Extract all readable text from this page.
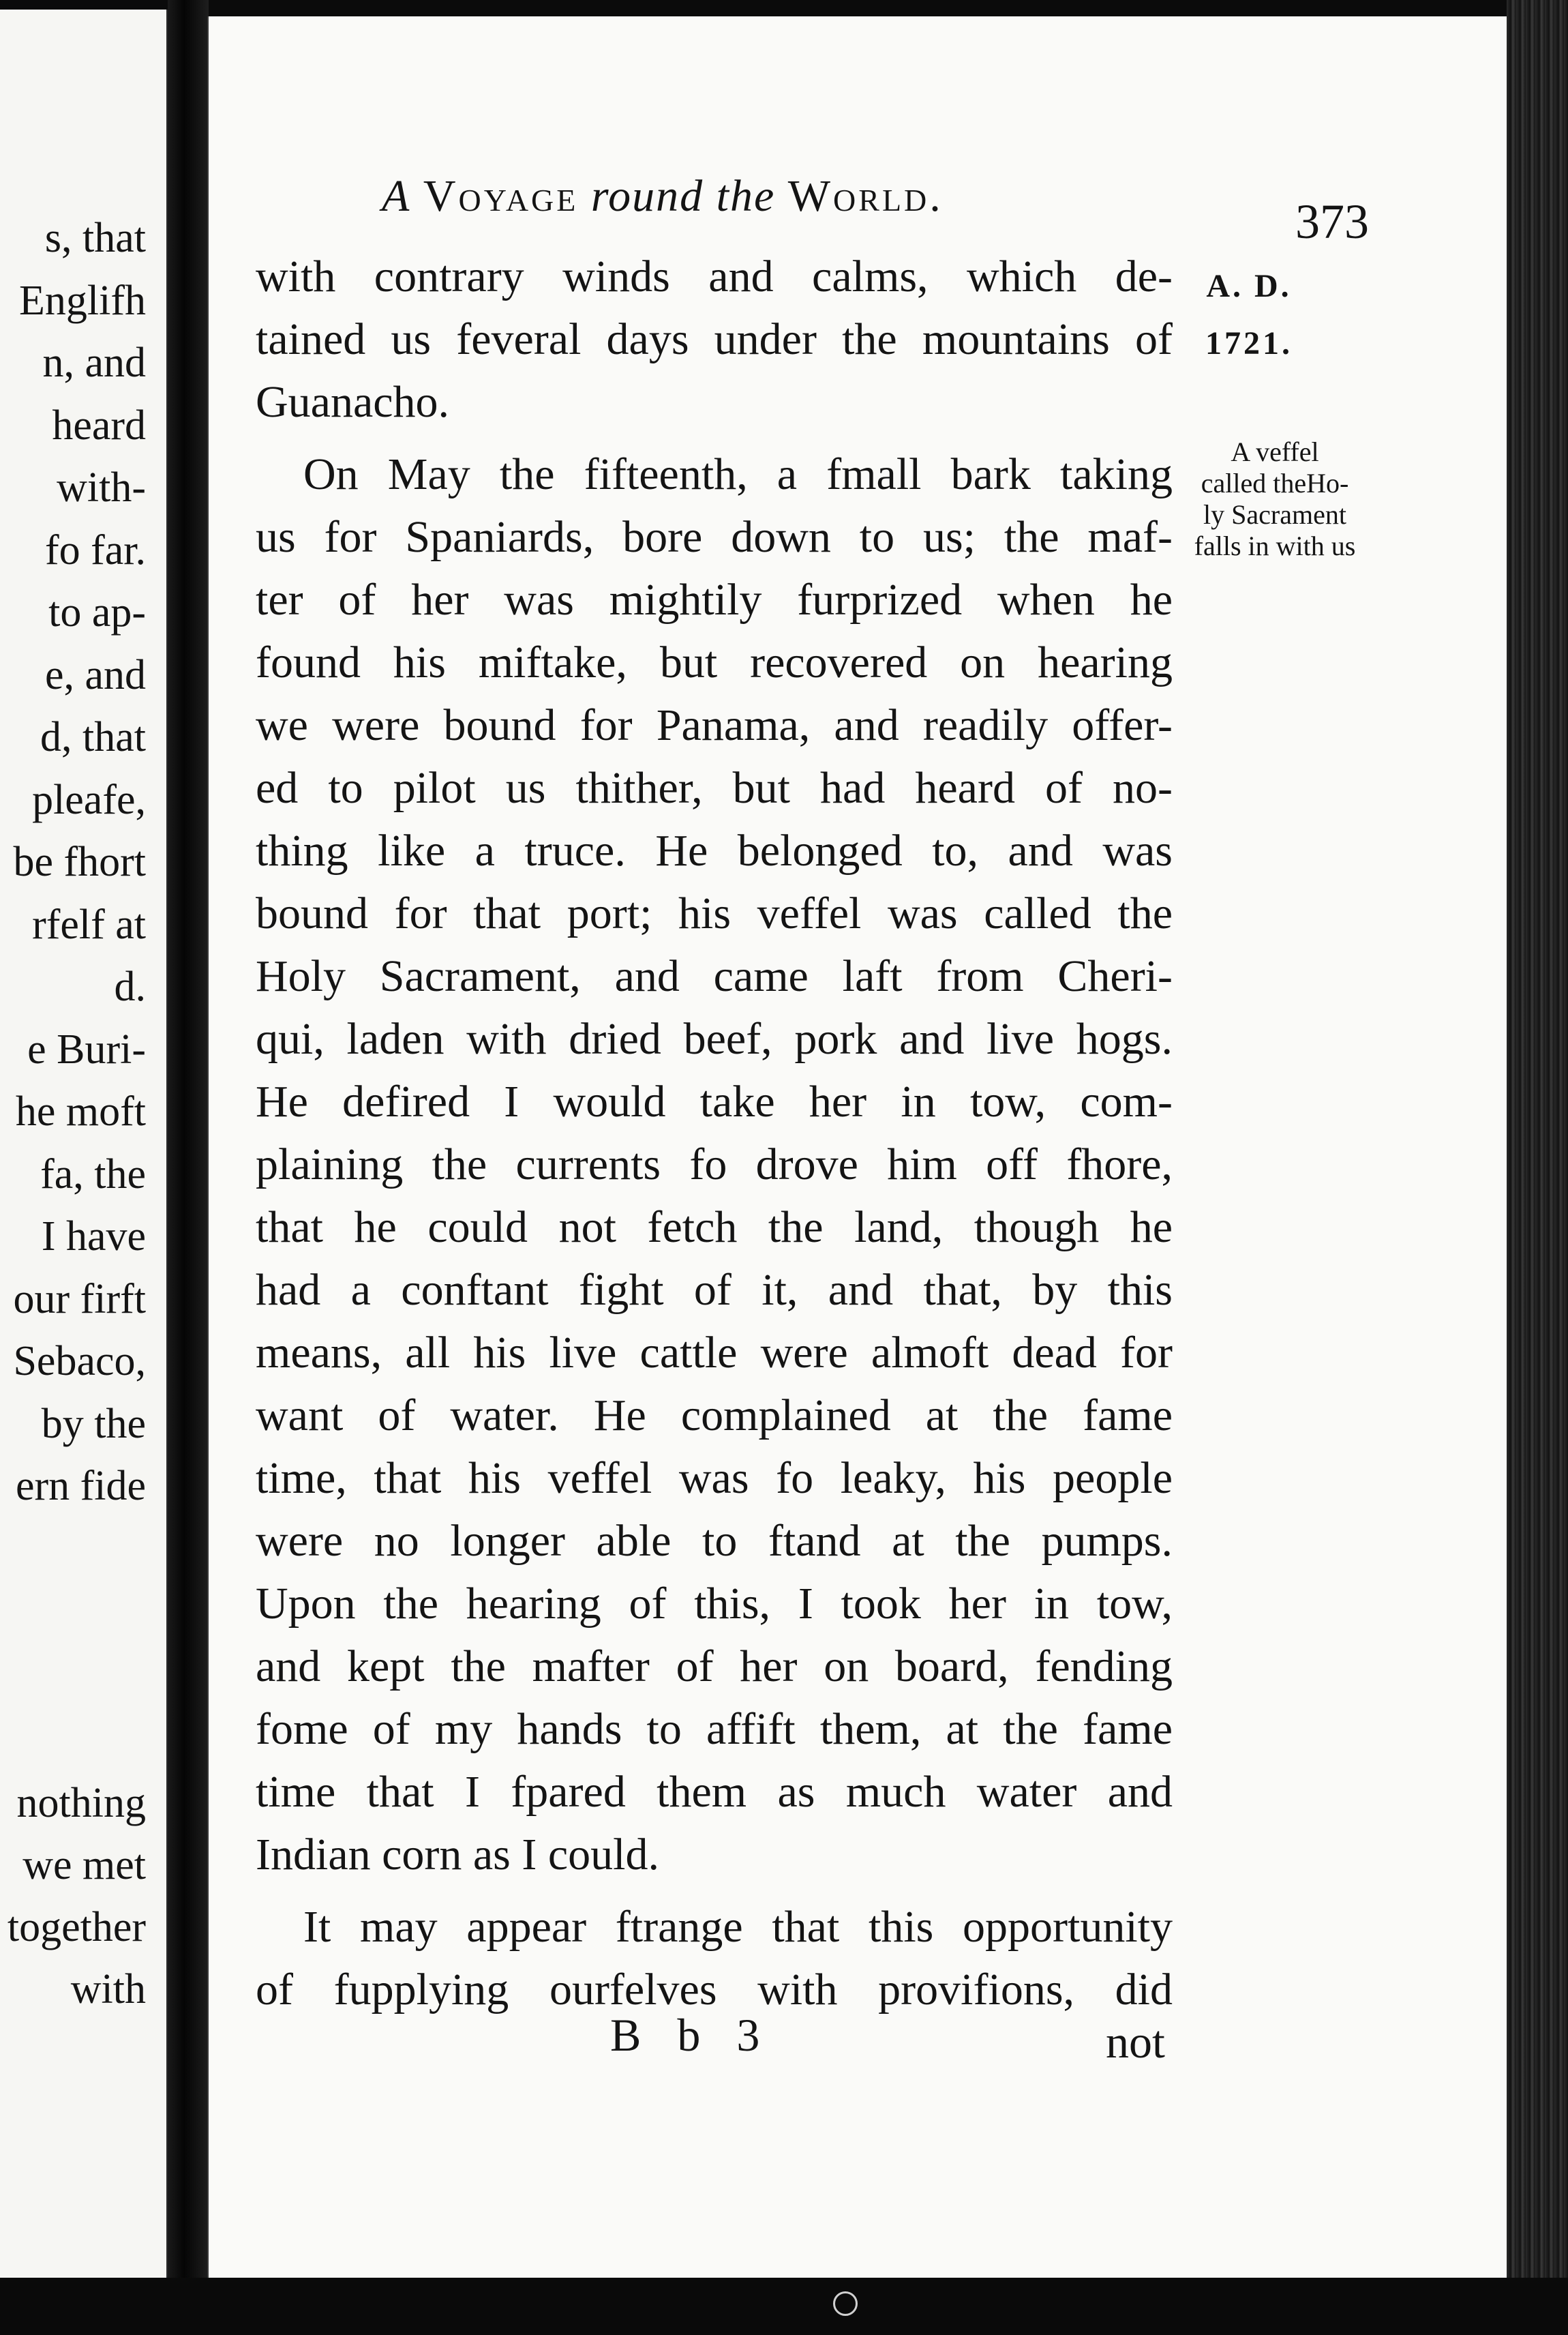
s, that
Englifh
n, and
heard
with-
fo far.
to ap-
e, and
d, that
pleafe,
be fhort
rfelf at
d.
e Buri-
he moft
fa, the
I have
our firft
Sebaco,
by the
ern fide
nothing
we met
together
with
A Voyage round the World.	373
A. D.
1721.
A veffel
called theHo-
ly Sacrament
falls in with us
with contrary winds and calms, which de-
tained us feveral days under the mountains of
Guanacho.
On May the fifteenth, a fmall bark taking
us for Spaniards, bore down to us; the maf-
ter of her was mightily furprized when he
found his miftake, but recovered on hearing
we were bound for Panama, and readily offer-
ed to pilot us thither, but had heard of no-
thing like a truce. He belonged to, and was
bound for that port; his veffel was called the
Holy Sacrament, and came laft from Cheri-
qui, laden with dried beef, pork and live hogs.
He defired I would take her in tow, com-
plaining the currents fo drove him off fhore,
that he could not fetch the land, though he
had a conftant fight of it, and that, by this
means, all his live cattle were almoft dead for
want of water. He complained at the fame
time, that his veffel was fo leaky, his people
were no longer able to ftand at the pumps.
Upon the hearing of this, I took her in tow,
and kept the mafter of her on board, fending
fome of my hands to affift them, at the fame
time that I fpared them as much water and
Indian corn as I could.
It may appear ftrange that this opportunity
of fupplying ourfelves with provifions, did
B b 3	not
